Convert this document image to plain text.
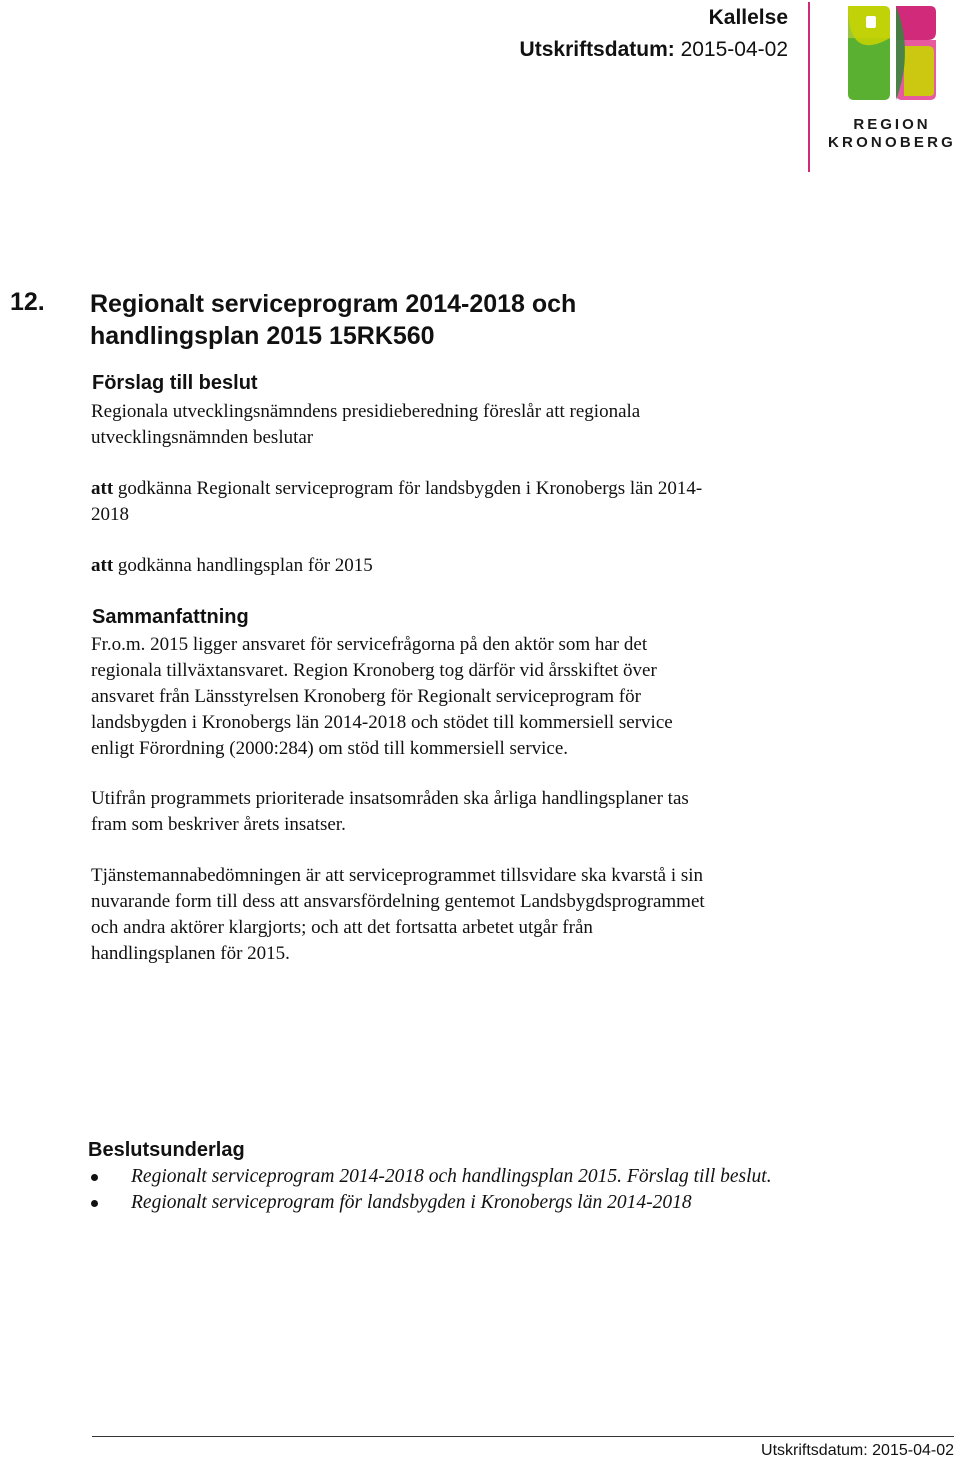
Kallelse
Utskriftsdatum: 2015-04-02
REGION
KRONOBERG
12. Regionalt serviceprogram 2014-2018 och
handlingsplan 2015 15RK560
Förslag till beslut
Regionala utvecklingsnämndens presidieberedning föreslår att regionala
utvecklingsnämnden beslutar
att godkänna Regionalt serviceprogram för landsbygden i Kronobergs län 2014-
2018
att godkänna handlingsplan för 2015
Sammanfattning
Fr.o.m. 2015 ligger ansvaret för servicefrågorna på den aktör som har det
regionala tillväxtansvaret. Region Kronoberg tog därför vid årsskiftet över
ansvaret från Länsstyrelsen Kronoberg för Regionalt serviceprogram för
landsbygden i Kronobergs län 2014-2018 och stödet till kommersiell service
enligt Förordning (2000:284) om stöd till kommersiell service.
Utifrån programmets prioriterade insatsområden ska årliga handlingsplaner tas
fram som beskriver årets insatser.
Tjänstemannabedömningen är att serviceprogrammet tillsvidare ska kvarstå i sin
nuvarande form till dess att ansvarsfördelning gentemot Landsbygdsprogrammet
och andra aktörer klargjorts; och att det fortsatta arbetet utgår från
handlingsplanen för 2015.
Beslutsunderlag
Regionalt serviceprogram 2014-2018 och handlingsplan 2015. Förslag till beslut.
Regionalt serviceprogram för landsbygden i Kronobergs län 2014-2018
Utskriftsdatum: 2015-04-02
